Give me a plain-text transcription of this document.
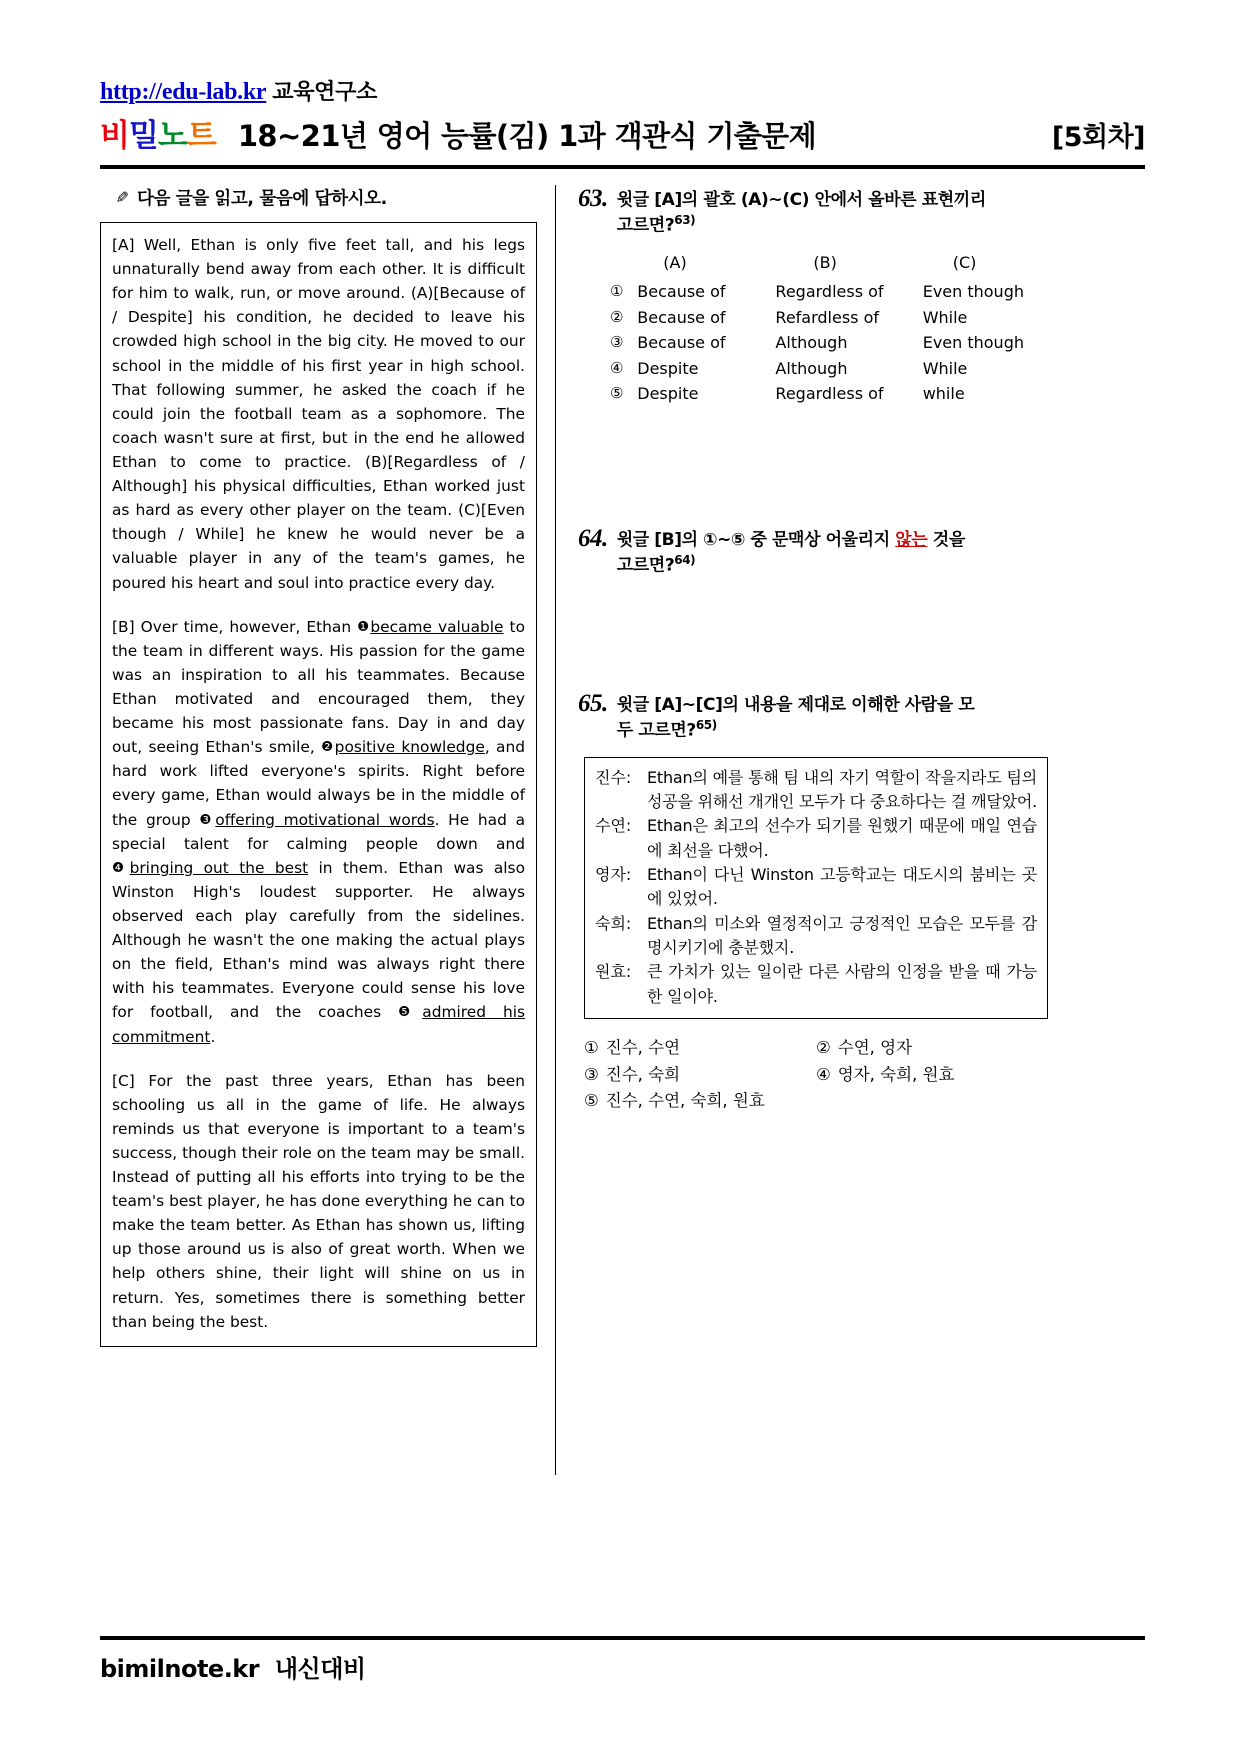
http://edu-lab.kr 교육연구소
비밀노트 18~21년 영어 능률(김) 1과 객관식 기출문제	[5회차]
✎ 다음 글을 읽고, 물음에 답하시오.

[A] Well, Ethan is only five feet tall, and his legs unnaturally bend away from each other. It is difficult for him to walk, run, or move around. (A)[Because of / Despite] his condition, he decided to leave his crowded high school in the big city. He moved to our school in the middle of his first year in high school. That following summer, he asked the coach if he could join the football team as a sophomore. The coach wasn't sure at first, but in the end he allowed Ethan to come to practice. (B)[Regardless of / Although] his physical difficulties, Ethan worked just as hard as every other player on the team. (C)[Even though / While] he knew he would never be a valuable player in any of the team's games, he poured his heart and soul into practice every day.

[B] Over time, however, Ethan ❶became valuable to the team in different ways. His passion for the game was an inspiration to all his teammates. Because Ethan motivated and encouraged them, they became his most passionate fans. Day in and day out, seeing Ethan's smile, ❷positive knowledge, and hard work lifted everyone's spirits. Right before every game, Ethan would always be in the middle of the group ❸offering motivational words. He had a special talent for calming people down and ❹bringing out the best in them. Ethan was also Winston High's loudest supporter. He always observed each play carefully from the sidelines. Although he wasn't the one making the actual plays on the field, Ethan's mind was always right there with his teammates. Everyone could sense his love for football, and the coaches ❺admired his commitment.

[C] For the past three years, Ethan has been schooling us all in the game of life. He always reminds us that everyone is important to a team's success, though their role on the team may be small. Instead of putting all his efforts into trying to be the team's best player, he has done everything he can to make the team better. As Ethan has shown us, lifting up those around us is also of great worth. When we help others shine, their light will shine on us in return. Yes, sometimes there is something better than being the best.

63. 윗글 [A]의 괄호 (A)~(C) 안에서 올바른 표현끼리
고르면?$^{63)}$
	(A)	(B)	(C)
①	Because of	Regardless of	Even though
②	Because of	Refardless of	While
③	Because of	Although	Even though
④	Despite	Although	While
⑤	Despite	Regardless of	while
64. 윗글 [B]의 ①~⑤ 중 문맥상 어울리지 않는 것을
고르면?$^{64)}$
65. 윗글 [A]~[C]의 내용을 제대로 이해한 사람을 모
두 고르면?$^{65)}$
진수: Ethan의 예를 통해 팀 내의 자기 역할이 작을지라도 팀의 성공을 위해선 개개인 모두가 다 중요하다는 걸 깨달았어.
수연: Ethan은 최고의 선수가 되기를 원했기 때문에 매일 연습에 최선을 다했어.
영자: Ethan이 다닌 Winston 고등학교는 대도시의 붐비는 곳에 있었어.
숙희: Ethan의 미소와 열정적이고 긍정적인 모습은 모두를 감명시키기에 충분했지.
원효: 큰 가치가 있는 일이란 다른 사람의 인정을 받을 때 가능한 일이야.
① 진수, 수연	② 수연, 영자
③ 진수, 숙희	④ 영자, 숙희, 원효
⑤ 진수, 수연, 숙희, 원효
bimilnote.kr 내신대비
